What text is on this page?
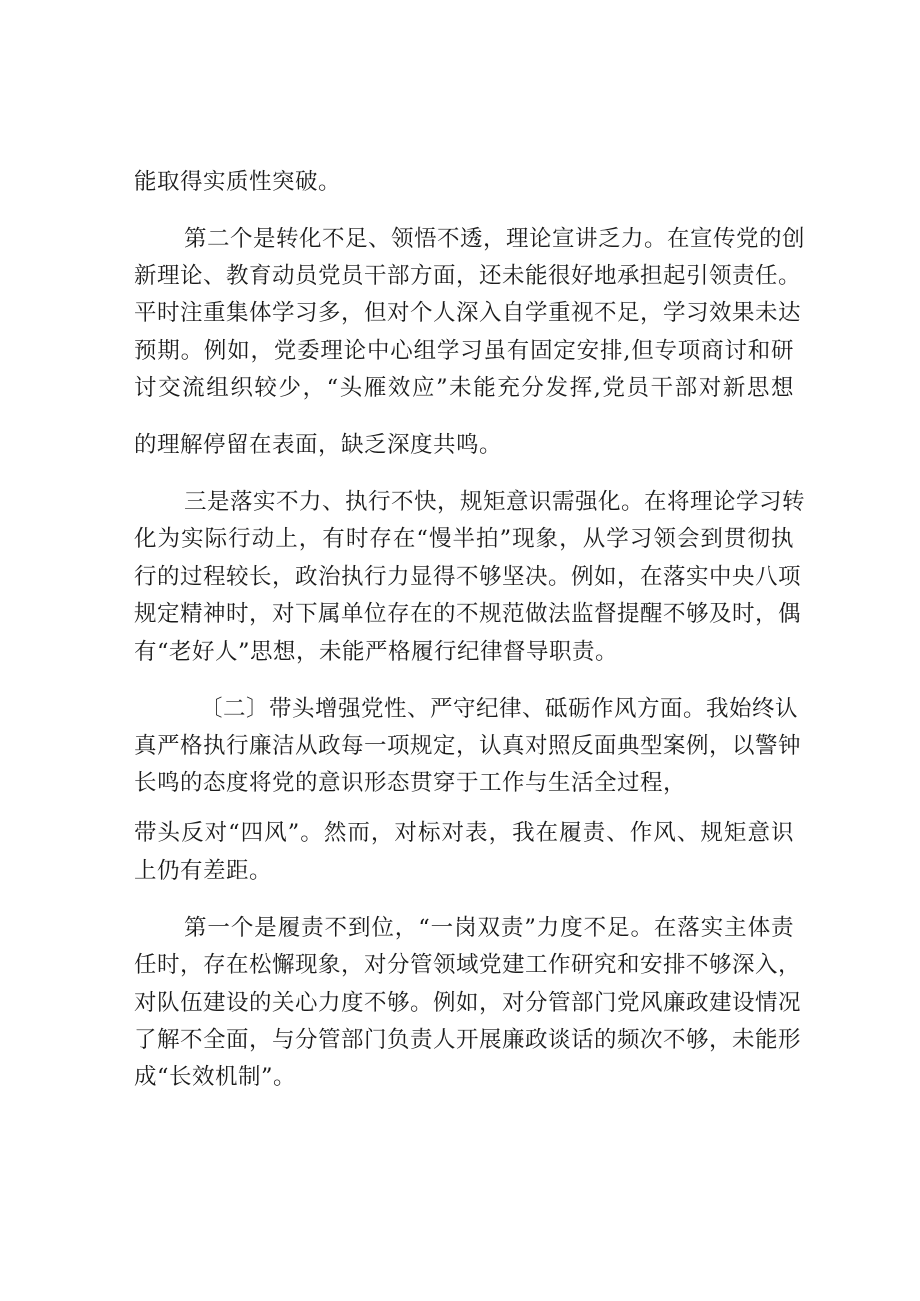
能取得实质性突破。
第二个是转化不足、领悟不透，理论宣讲乏力。在宣传党的创
新理论、教育动员党员干部方面，还未能很好地承担起引领责任。
平时注重集体学习多，但对个人深入自学重视不足，学习效果未达
预期。例如，党委理论中心组学习虽有固定安排,但专项商讨和研
讨交流组织较少，“头雁效应”未能充分发挥,党员干部对新思想
的理解停留在表面，缺乏深度共鸣。
三是落实不力、执行不快，规矩意识需强化。在将理论学习转
化为实际行动上，有时存在“慢半拍”现象，从学习领会到贯彻执
行的过程较长，政治执行力显得不够坚决。例如，在落实中央八项
规定精神时，对下属单位存在的不规范做法监督提醒不够及时，偶
有“老好人”思想，未能严格履行纪律督导职责。
〔二〕带头增强党性、严守纪律、砥砺作风方面。我始终认
真严格执行廉洁从政每一项规定，认真对照反面典型案例，以警钟
长鸣的态度将党的意识形态贯穿于工作与生活全过程，
带头反对“四风”。然而，对标对表，我在履责、作风、规矩意识
上仍有差距。
第一个是履责不到位，“一岗双责”力度不足。在落实主体责
任时，存在松懈现象，对分管领域党建工作研究和安排不够深入，
对队伍建设的关心力度不够。例如，对分管部门党风廉政建设情况
了解不全面，与分管部门负责人开展廉政谈话的频次不够，未能形
成“长效机制”。
